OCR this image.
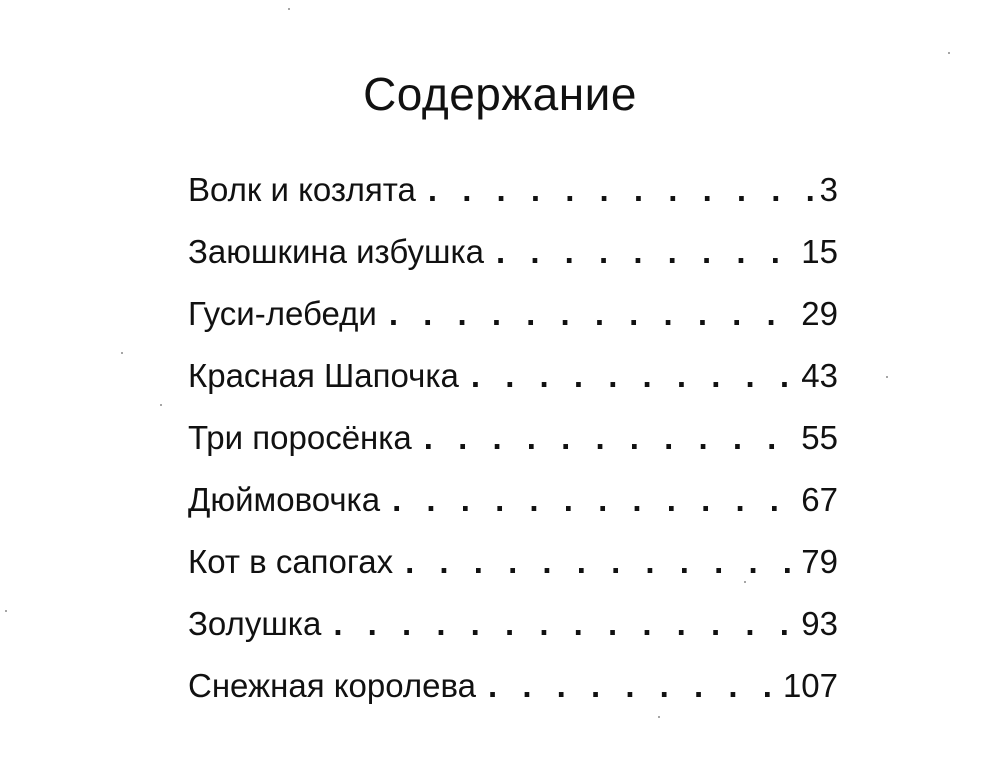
Содержание
Волк и козлята . . .	3
Заюшкина избушка . . .	15
Гуси-лебеди . . .	29
Красная Шапочка . . .	43
Три поросёнка . . .	55
Дюймовочка . . .	67
Кот в сапогах . . .	79
Золушка . . .	93
Снежная королева . . .	107
